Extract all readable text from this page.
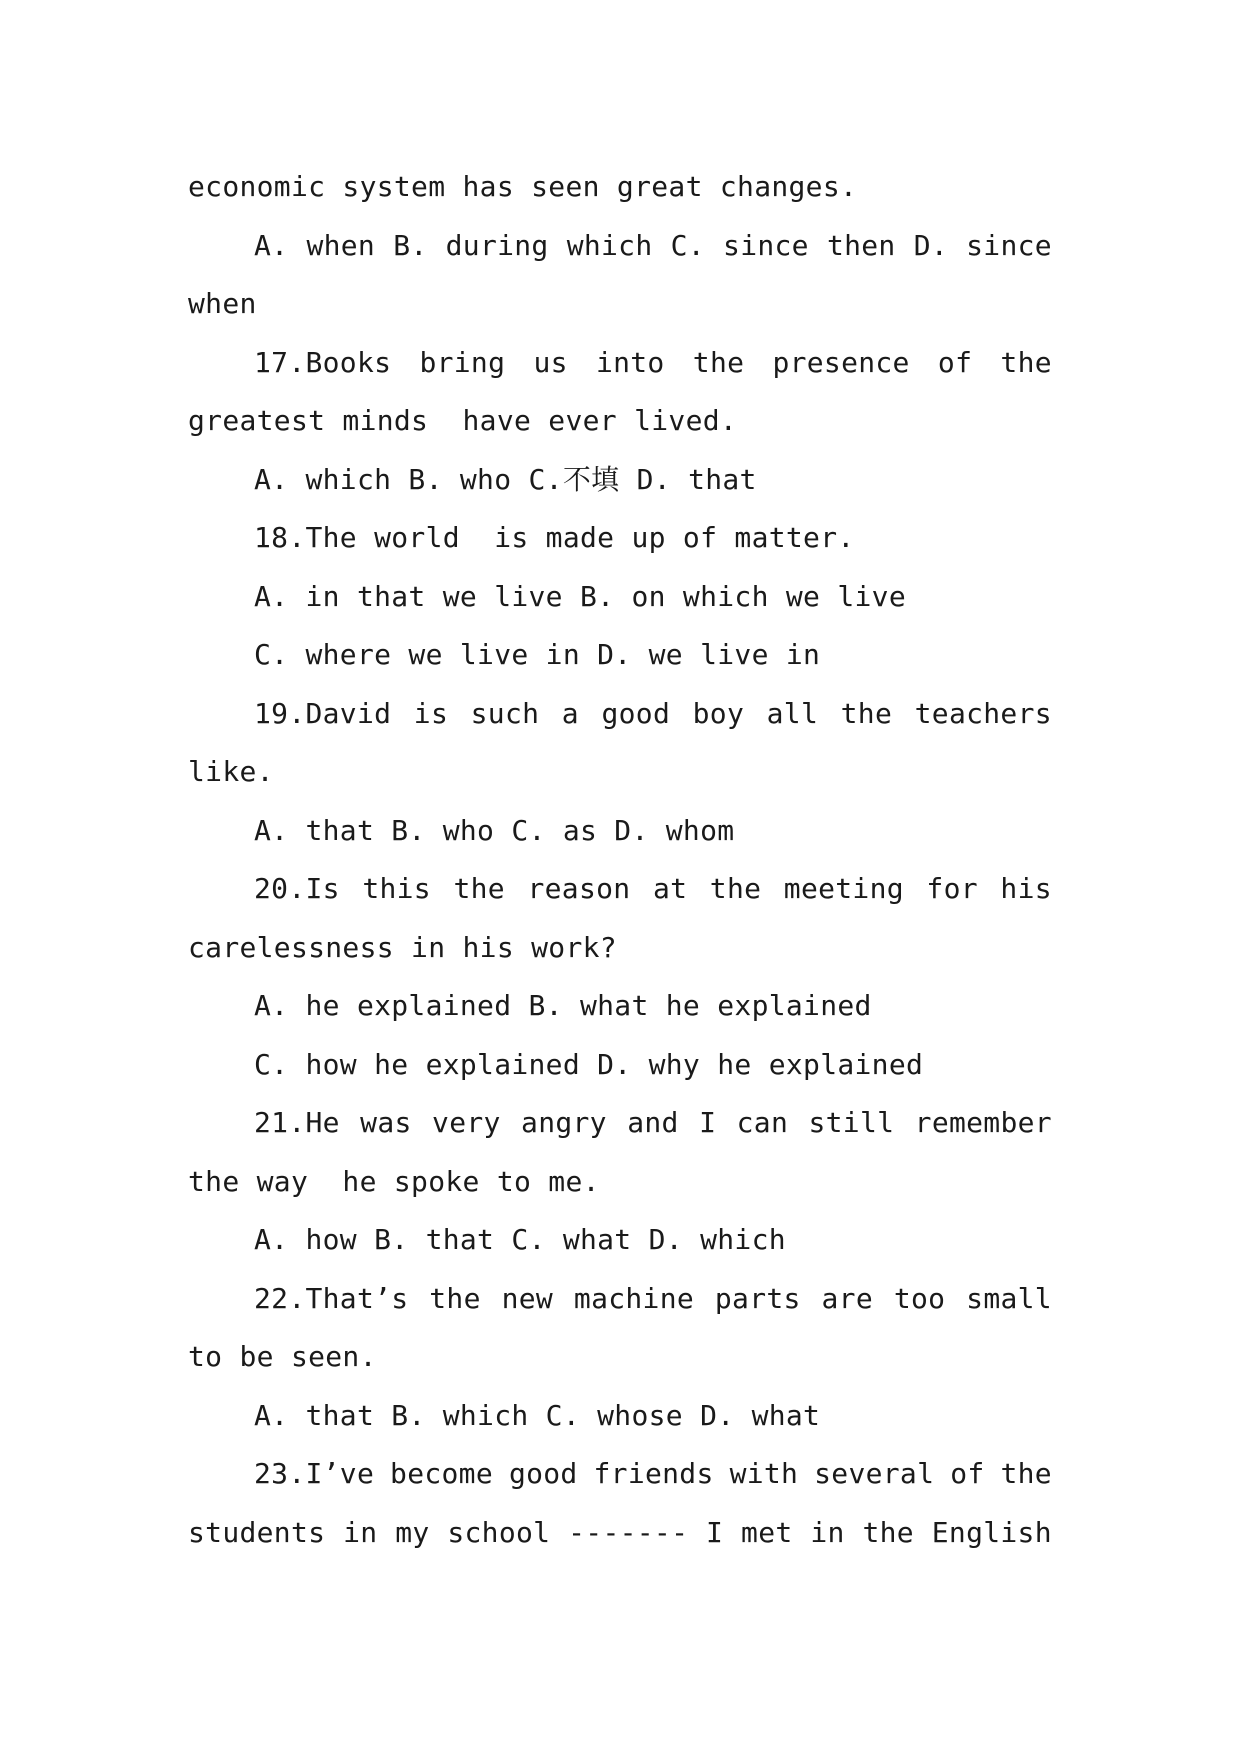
economic system has seen great changes.
A. when B. during which C. since then D. since
when
17.Books bring us into the presence of the
greatest minds  have ever lived.
A. which B. who C.不填 D. that
18.The world  is made up of matter.
A. in that we live B. on which we live
C. where we live in D. we live in
19.David is such a good boy all the teachers
like.
A. that B. who C. as D. whom
20.Is this the reason at the meeting for his
carelessness in his work?
A. he explained B. what he explained
C. how he explained D. why he explained
21.He was very angry and I can still remember
the way  he spoke to me.
A. how B. that C. what D. which
22.That’s the new machine parts are too small
to be seen.
A. that B. which C. whose D. what
23.I’ve become good friends with several of the
students in my school ------- I met in the English
